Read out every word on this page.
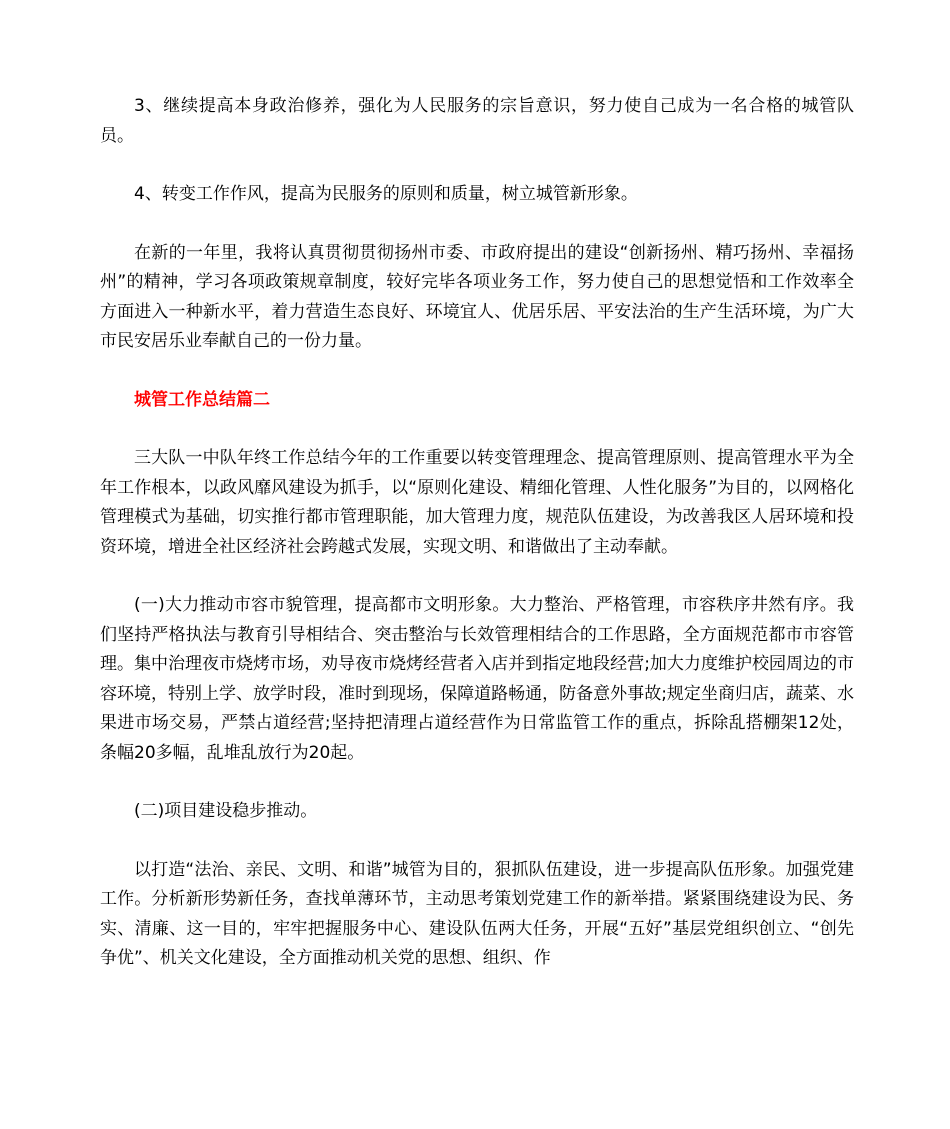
3、继续提高本身政治修养，强化为人民服务的宗旨意识，努力使自己成为一名合格的城管队员。

4、转变工作作风，提高为民服务的原则和质量，树立城管新形象。

在新的一年里，我将认真贯彻贯彻扬州市委、市政府提出的建设“创新扬州、精巧扬州、幸福扬州”的精神，学习各项政策规章制度，较好完毕各项业务工作，努力使自己的思想觉悟和工作效率全方面进入一种新水平，着力营造生态良好、环境宜人、优居乐居、平安法治的生产生活环境，为广大市民安居乐业奉献自己的一份力量。

城管工作总结篇二

三大队一中队年终工作总结今年的工作重要以转变管理理念、提高管理原则、提高管理水平为全年工作根本，以政风靡风建设为抓手，以“原则化建设、精细化管理、人性化服务”为目的，以网格化管理模式为基础，切实推行都市管理职能，加大管理力度，规范队伍建设，为改善我区人居环境和投资环境，增进全社区经济社会跨越式发展，实现文明、和谐做出了主动奉献。

(一)大力推动市容市貌管理，提高都市文明形象。大力整治、严格管理，市容秩序井然有序。我们坚持严格执法与教育引导相结合、突击整治与长效管理相结合的工作思路，全方面规范都市市容管理。集中治理夜市烧烤市场，劝导夜市烧烤经营者入店并到指定地段经营;加大力度维护校园周边的市容环境，特别上学、放学时段，准时到现场，保障道路畅通，防备意外事故;规定坐商归店，蔬菜、水果进市场交易，严禁占道经营;坚持把清理占道经营作为日常监管工作的重点，拆除乱搭棚架12处，条幅20多幅，乱堆乱放行为20起。

(二)项目建设稳步推动。

以打造“法治、亲民、文明、和谐”城管为目的，狠抓队伍建设，进一步提高队伍形象。加强党建工作。分析新形势新任务，查找单薄环节，主动思考策划党建工作的新举措。紧紧围绕建设为民、务实、清廉、这一目的，牢牢把握服务中心、建设队伍两大任务，开展“五好”基层党组织创立、“创先争优”、机关文化建设，全方面推动机关党的思想、组织、作
